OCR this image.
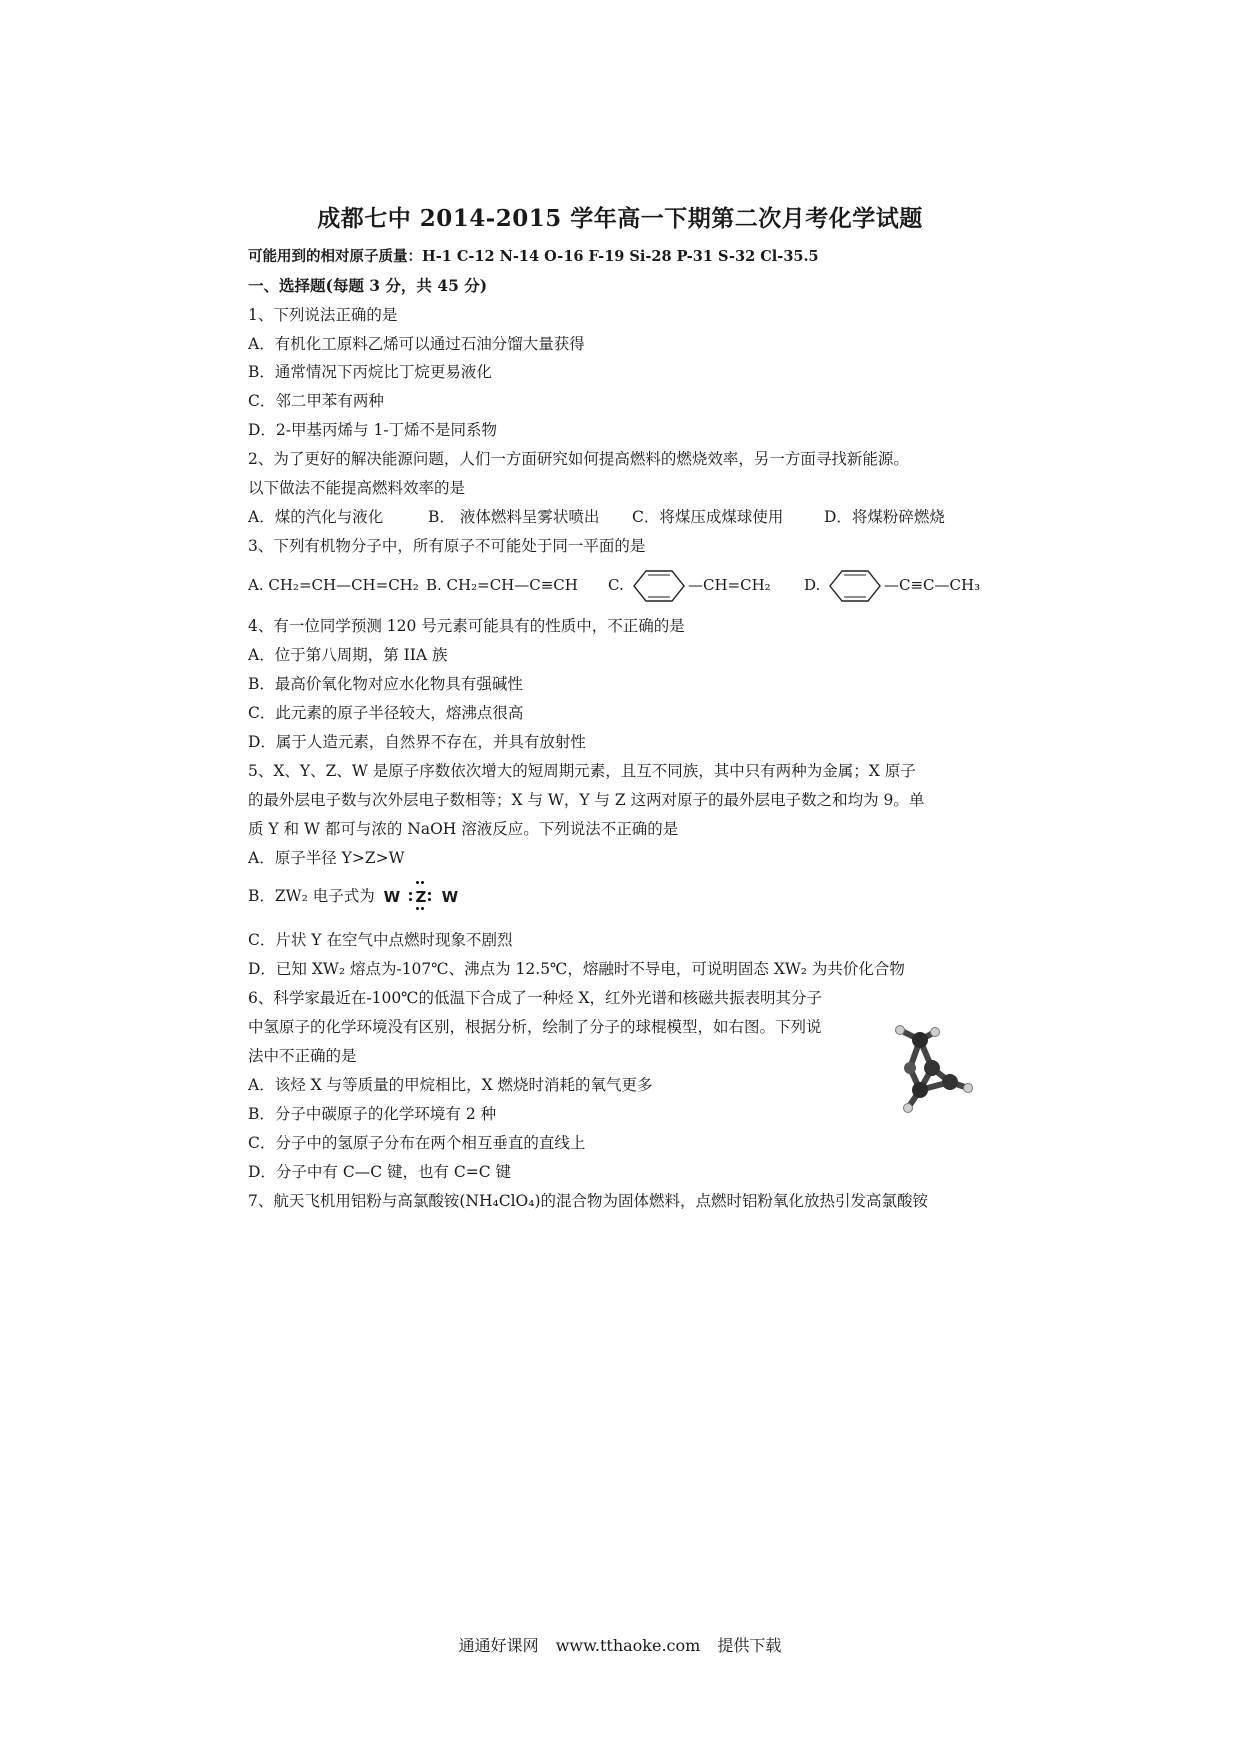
成都七中 2014-2015 学年高一下期第二次月考化学试题
可能用到的相对原子质量：H-1 C-12 N-14 O-16 F-19 Si-28 P-31 S-32 Cl-35.5
一、选择题(每题 3 分，共 45 分)
1、下列说法正确的是
A．有机化工原料乙烯可以通过石油分馏大量获得
B．通常情况下丙烷比丁烷更易液化
C．邻二甲苯有两种
D．2-甲基丙烯与 1-丁烯不是同系物
2、为了更好的解决能源问题，人们一方面研究如何提高燃料的燃烧效率，另一方面寻找新能源。
以下做法不能提高燃料效率的是
A．煤的汽化与液化	B． 液体燃料呈雾状喷出 C．将煤压成煤球使用	D．将煤粉碎燃烧
3、下列有机物分子中，所有原子不可能处于同一平面的是
A. CH₂=CH—CH=CH₂ B. CH₂=CH—C≡CH C.	—CH=CH₂ D.	—C≡C—CH₃
4、有一位同学预测 120 号元素可能具有的性质中，不正确的是
A．位于第八周期，第 IIA 族
B．最高价氧化物对应水化物具有强碱性
C．此元素的原子半径较大，熔沸点很高
D．属于人造元素，自然界不存在，并具有放射性
5、X、Y、Z、W 是原子序数依次增大的短周期元素，且互不同族，其中只有两种为金属；X 原子
的最外层电子数与次外层电子数相等；X 与 W，Y 与 Z 这两对原子的最外层电子数之和均为 9。单
质 Y 和 W 都可与浓的 NaOH 溶液反应。下列说法不正确的是
A．原子半径 Y>Z>W
B．ZW₂ 电子式为 W Z W
C．片状 Y 在空气中点燃时现象不剧烈
D．已知 XW₂ 熔点为-107℃、沸点为 12.5℃，熔融时不导电，可说明固态 XW₂ 为共价化合物
6、科学家最近在-100℃的低温下合成了一种烃 X，红外光谱和核磁共振表明其分子
中氢原子的化学环境没有区别，根据分析，绘制了分子的球棍模型，如右图。下列说
法中不正确的是
A．该烃 X 与等质量的甲烷相比，X 燃烧时消耗的氧气更多
B．分子中碳原子的化学环境有 2 种
C．分子中的氢原子分布在两个相互垂直的直线上
D．分子中有 C—C 键，也有 C=C 键
7、航天飞机用铝粉与高氯酸铵(NH₄ClO₄)的混合物为固体燃料，点燃时铝粉氧化放热引发高氯酸铵
通通好课网 www.tthaoke.com 提供下载
